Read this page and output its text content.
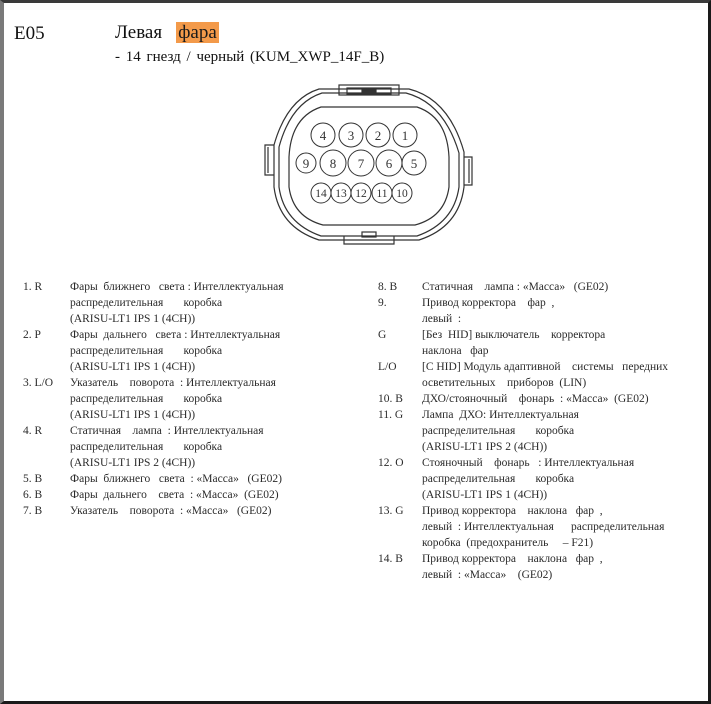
E05	Левая фара
- 14 гнезд / черный (KUM_XWP_14F_B)
4 3 2 1
9 8 7 6 5
14 13 12 11 10
1. R	Фары  ближнего   света : Интеллектуальная
распределительная       коробка
(ARISU-LT1 IPS 1 (4CH))
2. P	Фары  дальнего   света : Интеллектуальная
распределительная       коробка
(ARISU-LT1 IPS 1 (4CH))
3. L/O	Указатель    поворота  : Интеллектуальная
распределительная       коробка
(ARISU-LT1 IPS 1 (4CH))
4. R	Статичная    лампа  : Интеллектуальная
распределительная       коробка
(ARISU-LT1 IPS 2 (4CH))
5. B	Фары  ближнего   света  : «Масса»   (GE02)
6. B	Фары  дальнего    света  : «Масса»  (GE02)
7. B	Указатель    поворота  : «Масса»   (GE02)
8. B	Статичная    лампа : «Масса»   (GE02)
9.	Привод корректора    фар  ,
левый  :
G	[Без  HID] выключатель    корректора
наклона   фар
L/O	[С HID] Модуль адаптивной    системы   передних
осветительных    приборов  (LIN)
10. B	ДХО/стояночный    фонарь  : «Масса»  (GE02)
11. G	Лампа  ДХО: Интеллектуальная
распределительная       коробка
(ARISU-LT1 IPS 2 (4CH))
12. O	Стояночный    фонарь   : Интеллектуальная
распределительная       коробка
(ARISU-LT1 IPS 1 (4CH))
13. G	Привод корректора    наклона   фар  ,
левый  : Интеллектуальная      распределительная
коробка  (предохранитель     – F21)
14. B	Привод корректора    наклона   фар  ,
левый  : «Масса»    (GE02)
